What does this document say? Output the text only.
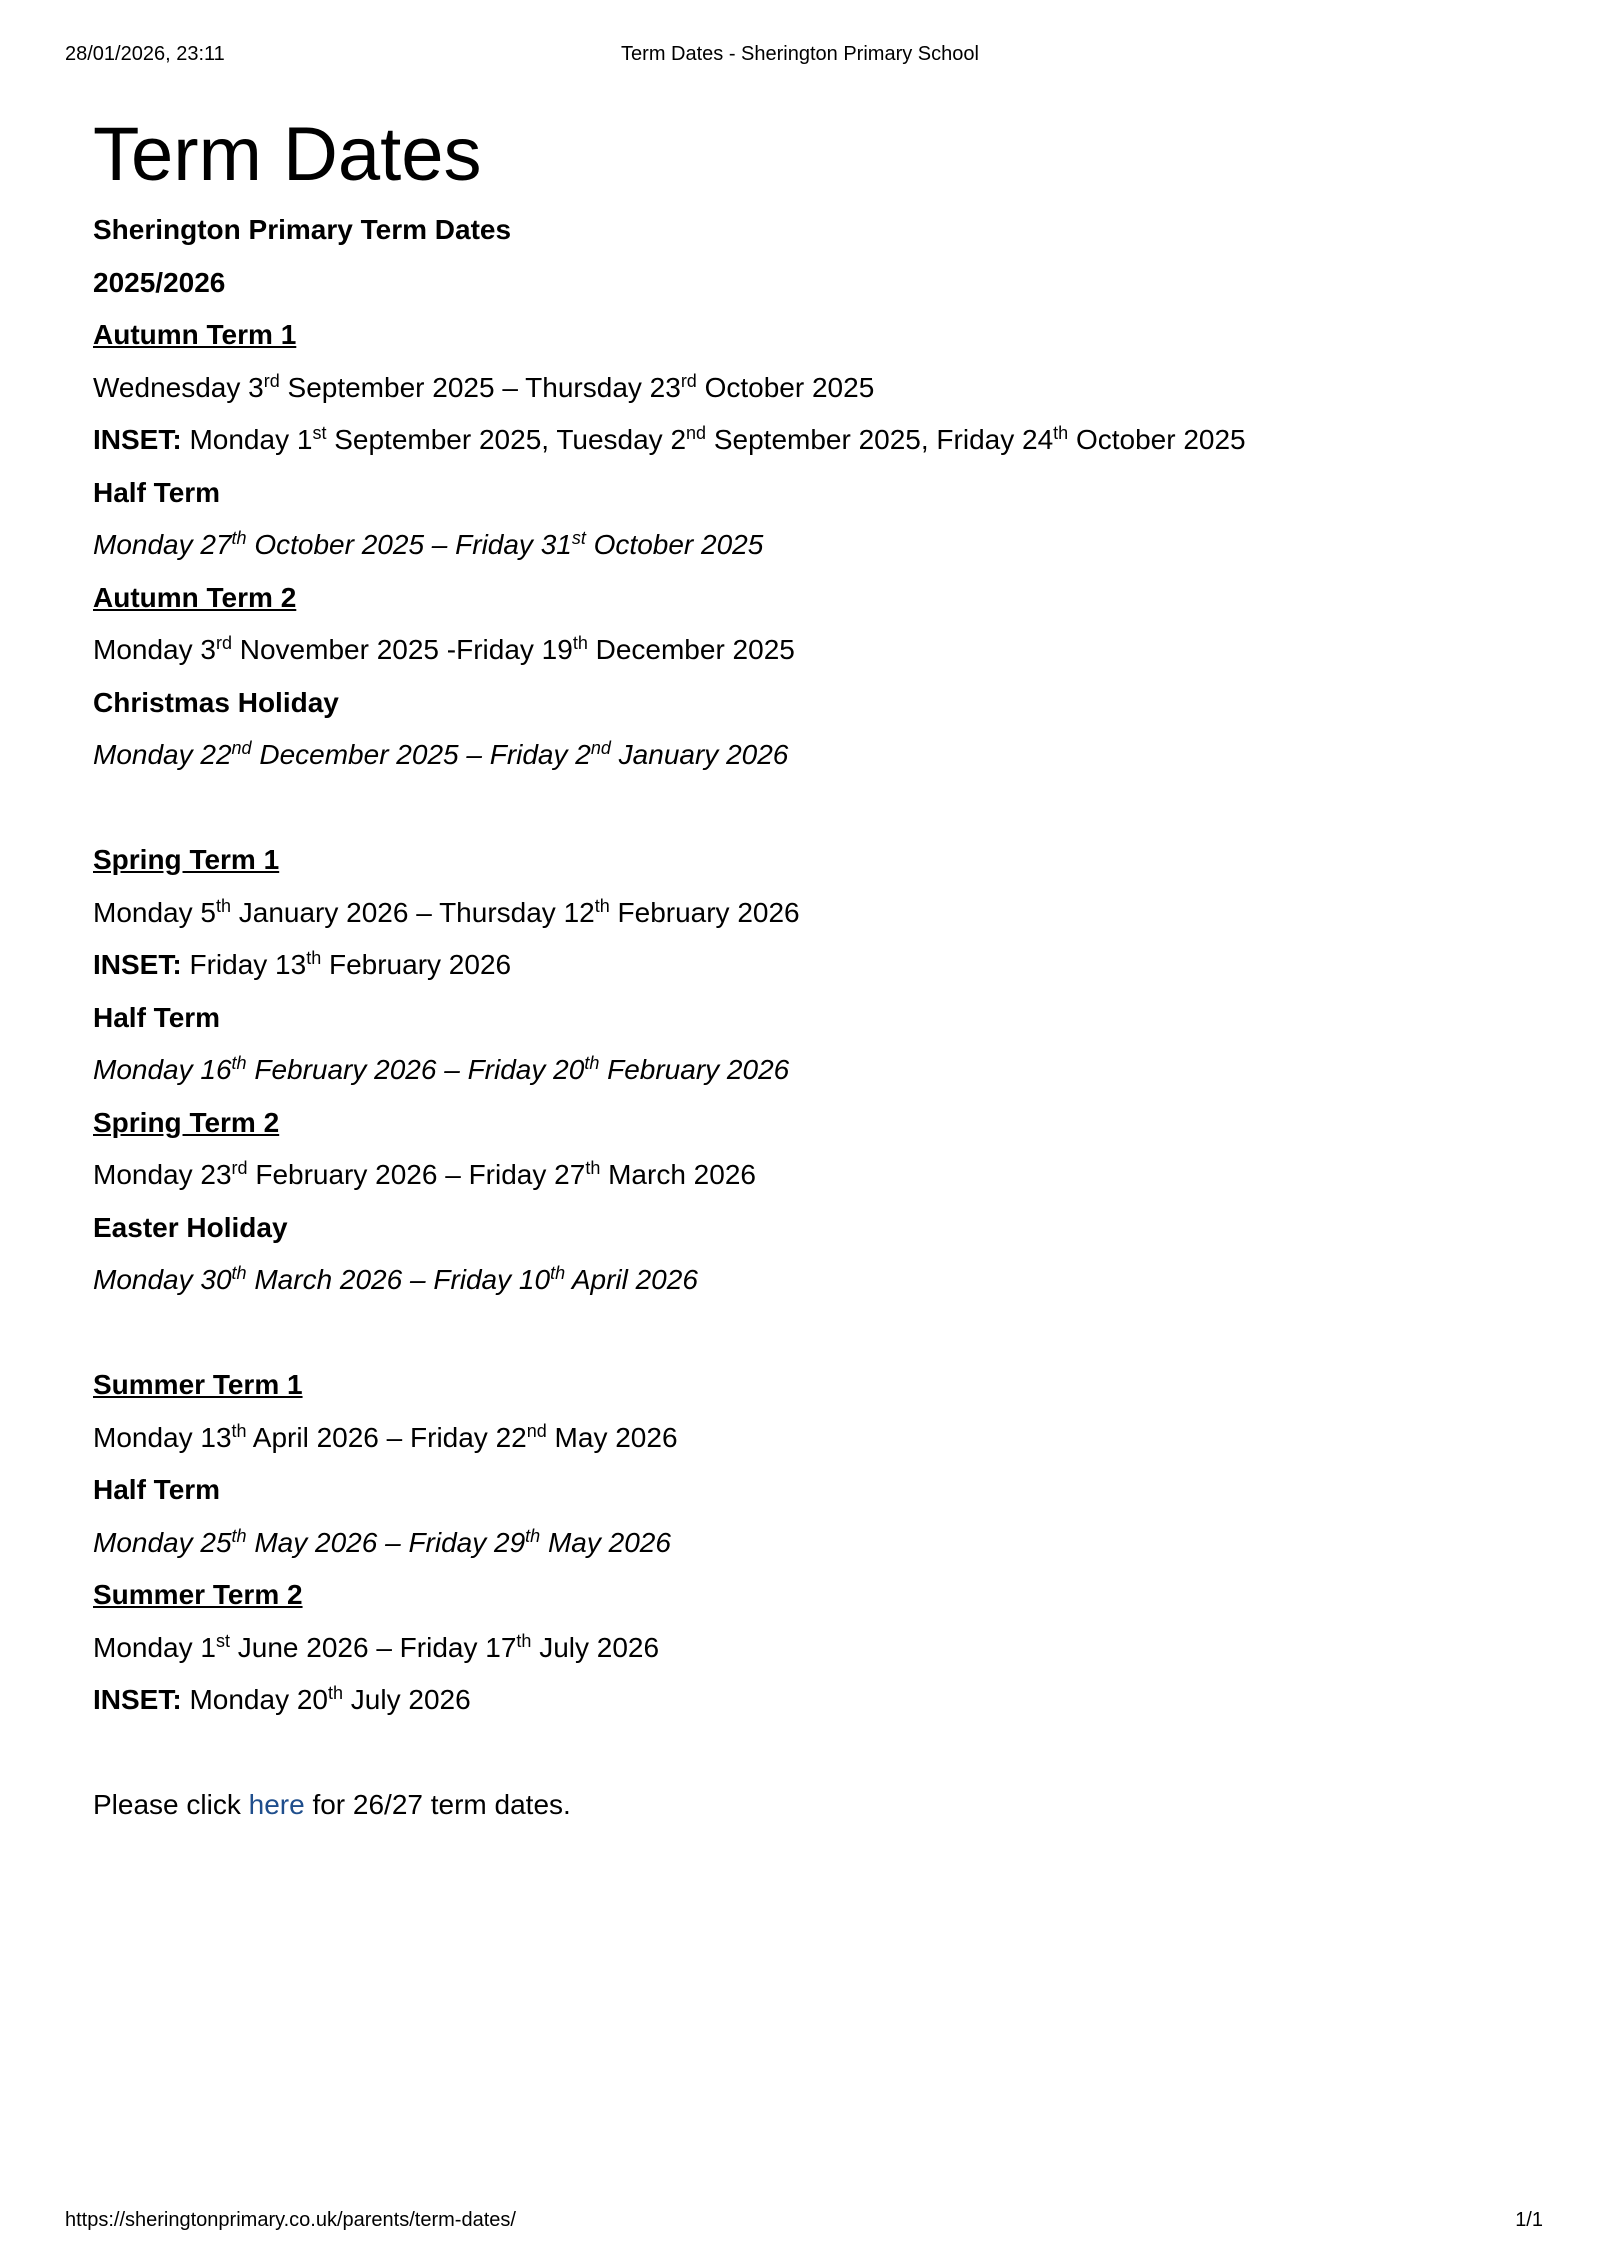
28/01/2026, 23:11	Term Dates - Sherington Primary School
Term Dates
Sherington Primary Term Dates
2025/2026
Autumn Term 1
Wednesday 3rd September 2025 – Thursday 23rd October 2025
INSET: Monday 1st September 2025, Tuesday 2nd September 2025, Friday 24th October 2025
Half Term
Monday 27th October 2025 – Friday 31st October 2025
Autumn Term 2
Monday 3rd November 2025 -Friday 19th December 2025
Christmas Holiday
Monday 22nd December 2025 – Friday 2nd January 2026
Spring Term 1
Monday 5th January 2026 – Thursday 12th February 2026
INSET: Friday 13th February 2026
Half Term
Monday 16th February 2026 – Friday 20th February 2026
Spring Term 2
Monday 23rd February 2026 – Friday 27th March 2026
Easter Holiday
Monday 30th March 2026 – Friday 10th April 2026
Summer Term 1
Monday 13th April 2026 – Friday 22nd May 2026
Half Term
Monday 25th May 2026 – Friday 29th May 2026
Summer Term 2
Monday 1st June 2026 – Friday 17th July 2026
INSET: Monday 20th July 2026
Please click here for 26/27 term dates.
https://sheringtonprimary.co.uk/parents/term-dates/	1/1
